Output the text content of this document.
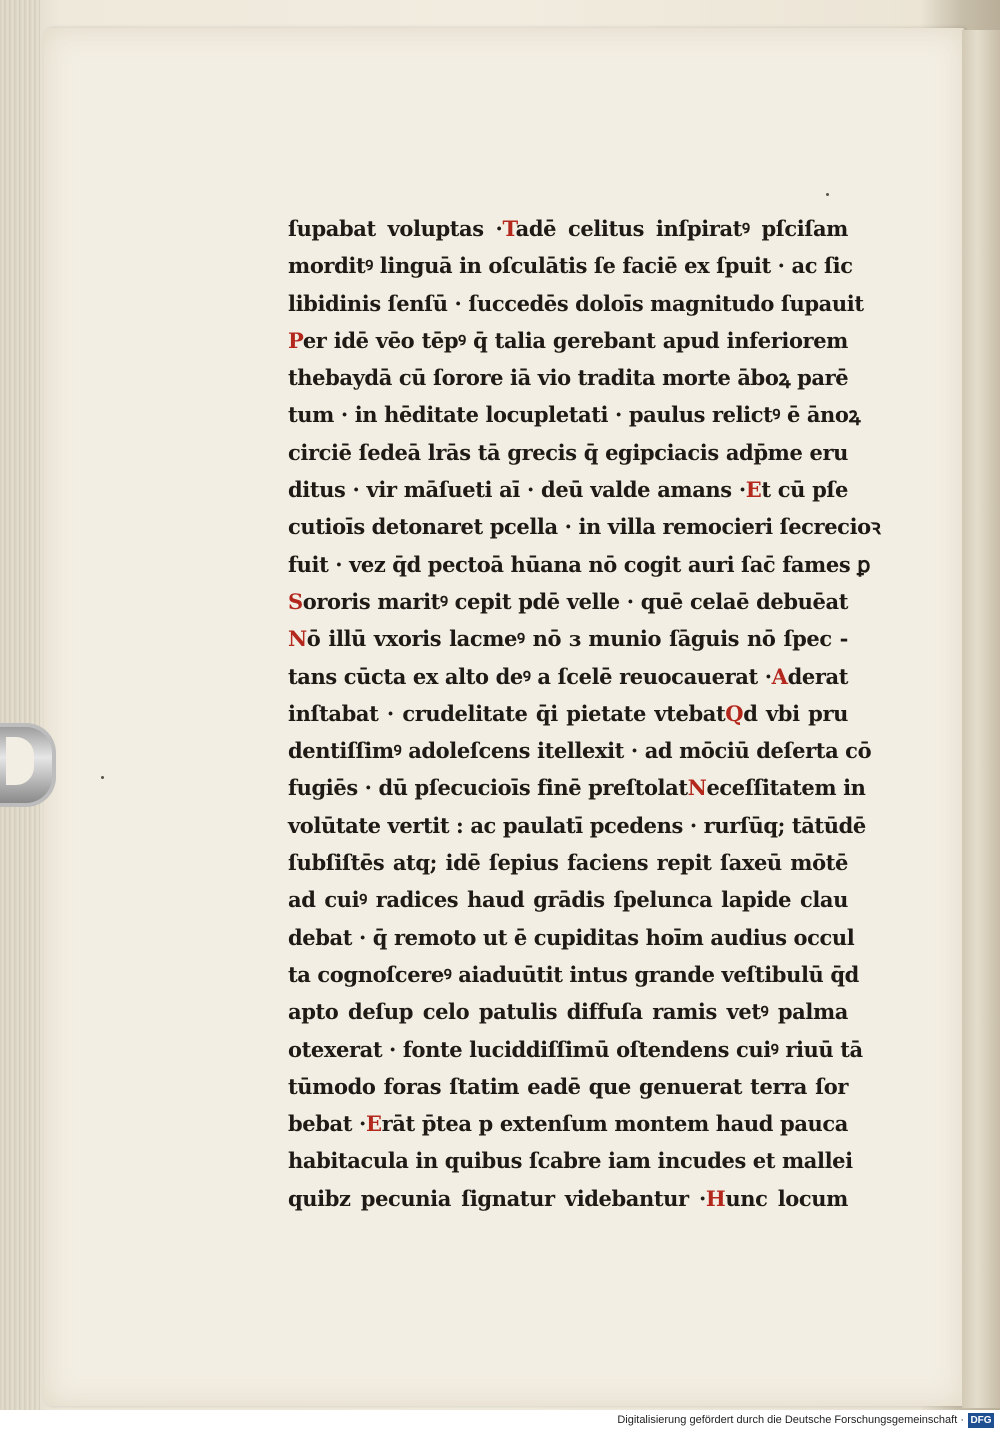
ſupabat voluptas ·Tadē celitus inſpiratꝰ pſciſam
morditꝰ linguā in oſculātis ſe faciē ex ſpuit · ac ſic
libidinis ſenſū · ſuccedēs doloīs magnitudo ſupauit
Per idē vēo tēpꝰ q̄ talia gerebant apud inferiorem
thebaydā cū ſorore iā vio tradita morte āboꝝ parē
tum · in hēditate locupletati · paulus relictꝰ ē ānoꝝ
circiē ſedeā lrās tā grecis q̄ egipciacis adp̄me eru
ditus · vir māſueti aī · deū valde amans ·Et cū pſe
cutioīs detonaret pcella · in villa remocieri ſecrecioꝛ
fuit · vez q̄d pectoā hūana nō cogit auri ſac̄ fames ꝑ
Sororis maritꝰ cepit pdē velle · quē celaē debuēat
Nō illū vxoris lacmeꝰ nō ɜ munio ſāguis nō ſpec -
tans cūcta ex alto deꝰ a ſcelē reuocauerat ·Aderat
inſtabat · crudelitate q̄i pietate vtebatQd vbi pru
dentiſſimꝰ adoleſcens itellexit · ad mōciū deſerta cō
fugiēs · dū pſecucioīs finē preſtolatNeceſſitatem in
volūtate vertit : ac paulatī pcedens · rurſūq; tātūdē
ſubſiſtēs atq; idē ſepius faciens repit ſaxeū mōtē
ad cuiꝰ radices haud grādis ſpelunca lapide clau
debat · q̄ remoto ut ē cupiditas hoīm audius occul
ta cognoſcereꝰ aiaduūtit intus grande veſtibulū q̄d
apto deſup celo patulis diffuſa ramis vetꝰ palma
otexerat · fonte luciddiſſimū oſtendens cuiꝰ riuū tā
tūmodo foras ſtatim eadē que genuerat terra ſor
bebat ·Erāt p̄tea p extenſum montem haud pauca
habitacula in quibus ſcabre iam incudes et mallei
quibz pecunia ſignatur videbantur ·Hunc locum
Digitalisierung gefördert durch die Deutsche Forschungsgemeinschaft · DFG
